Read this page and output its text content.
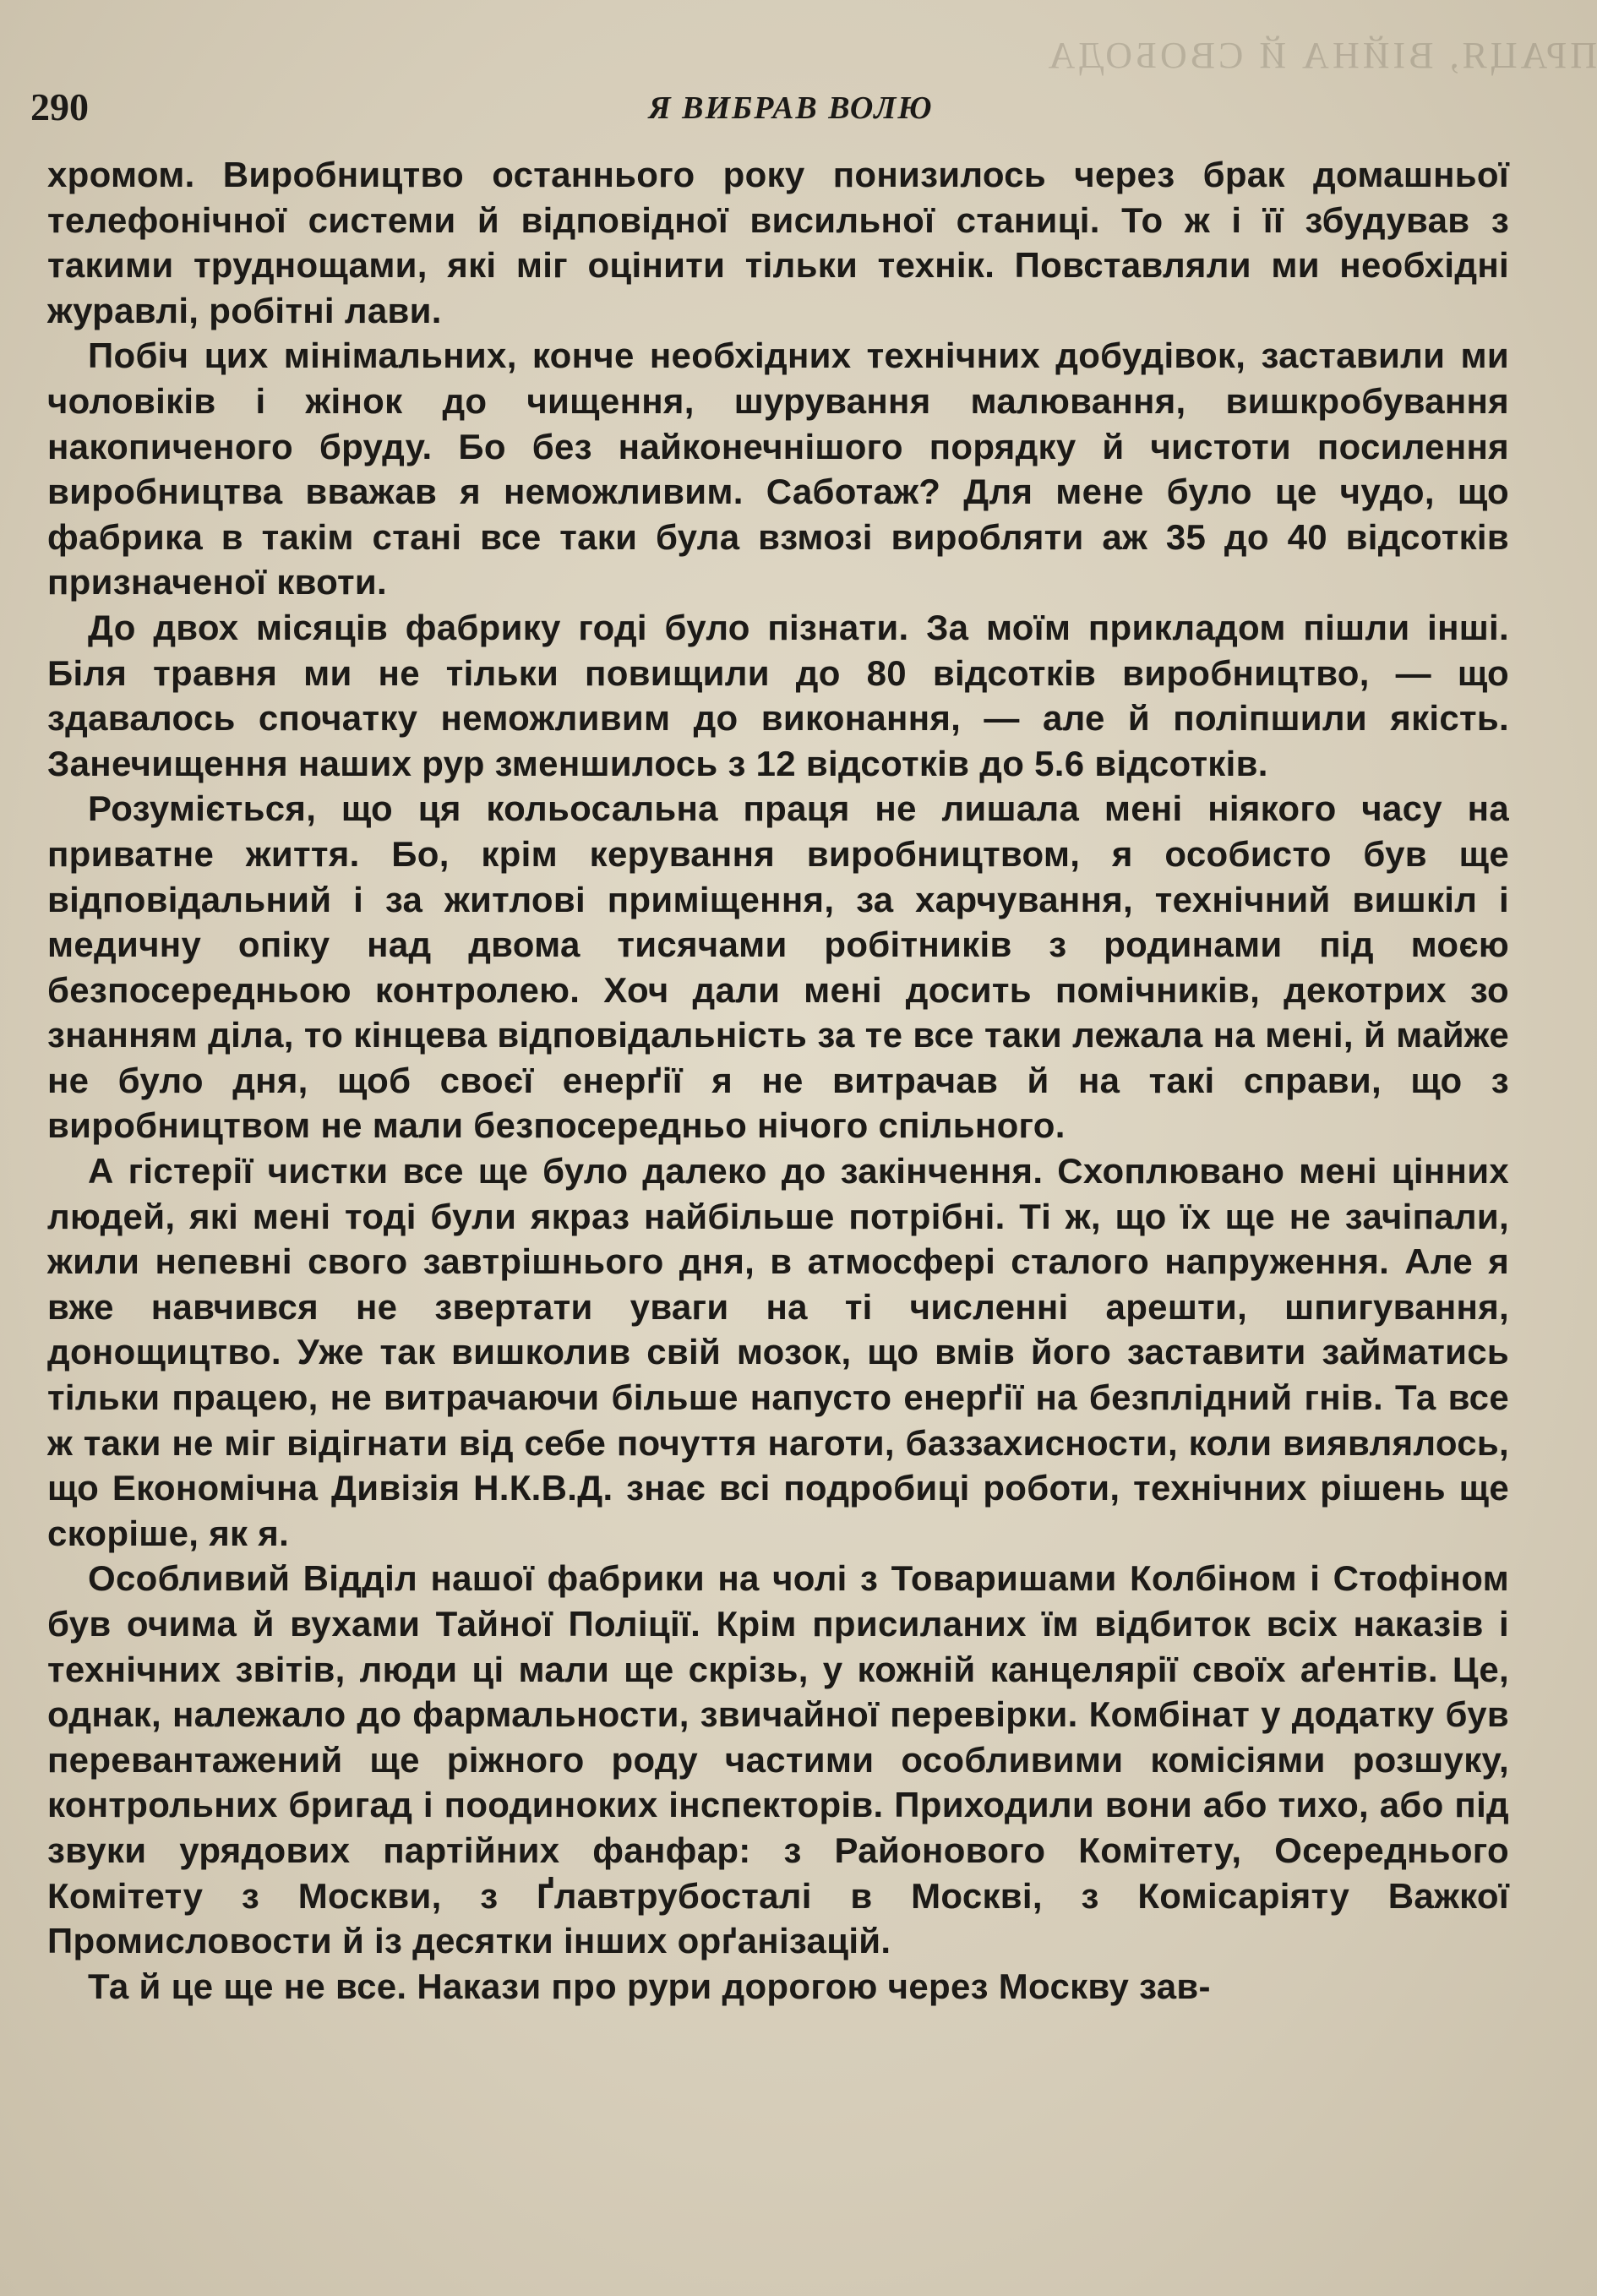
ПРАЦЯ, ВІЙНА Й СВОБОДА
290	Я ВИБРАВ ВОЛЮ

хромом. Виробництво останнього року понизилось через брак домашньої телефонічної системи й відповідної висильної станиці. То ж і її збудував з такими труднощами, які міг оцінити тільки технік. Повставляли ми необхідні журавлі, робітні лави.

Побіч цих мінімальних, конче необхідних технічних добудівок, заставили ми чоловіків і жінок до чищення, шурування малювання, вишкробування накопиченого бруду. Бо без найконечнішого порядку й чистоти посилення виробництва вважав я неможливим. Саботаж? Для мене було це чудо, що фабрика в такім стані все таки була взмозі виробляти аж 35 до 40 відсотків призначеної квоти.

До двох місяців фабрику годі було пізнати. За моїм прикладом пішли інші. Біля травня ми не тільки повищили до 80 відсотків виробництво, — що здавалось спочатку неможливим до виконання, — але й поліпшили якість. Занечищення наших рур зменшилось з 12 відсотків до 5.6 відсотків.

Розуміється, що ця кольосальна праця не лишала мені ніякого часу на приватне життя. Бо, крім керування виробництвом, я особисто був ще відповідальний і за житлові приміщення, за харчування, технічний вишкіл і медичну опіку над двома тисячами робітників з родинами під моєю безпосередньою контролею. Хоч дали мені досить помічників, декотрих зо знанням діла, то кінцева відповідальність за те все таки лежала на мені, й майже не було дня, щоб своєї енерґії я не витрачав й на такі справи, що з виробництвом не мали безпосередньо нічого спільного.

А гістерії чистки все ще було далеко до закінчення. Схоплювано мені цінних людей, які мені тоді були якраз найбільше потрібні. Ті ж, що їх ще не зачіпали, жили непевні свого завтрішнього дня, в атмосфері сталого напруження. Але я вже навчився не звертати уваги на ті численні арешти, шпигування, донощицтво. Уже так вишколив свій мозок, що вмів його заставити займатись тільки працею, не витрачаючи більше напусто енерґії на безплідний гнів. Та все ж таки не міг відігнати від себе почуття наготи, баззахисности, коли виявлялось, що Економічна Дивізія Н.К.В.Д. знає всі подробиці роботи, технічних рішень ще скоріше, як я.

Особливий Відділ нашої фабрики на чолі з Товаришами Колбіном і Стофіном був очима й вухами Тайної Поліції. Крім присиланих їм відбиток всіх наказів і технічних звітів, люди ці мали ще скрізь, у кожній канцелярії своїх аґентів. Це, однак, належало до фармальности, звичайної перевірки. Комбінат у додатку був перевантажений ще ріжного роду частими особливими комісіями розшуку, контрольних бригад і поодиноких інспекторів. Приходили вони або тихо, або під звуки урядових партійних фанфар: з Районового Комітету, Осереднього Комітету з Москви, з Ґлавтрубосталі в Москві, з Комісаріяту Важкої Промисловости й із десятки інших орґанізацій.

Та й це ще не все. Накази про рури дорогою через Москву зав-
